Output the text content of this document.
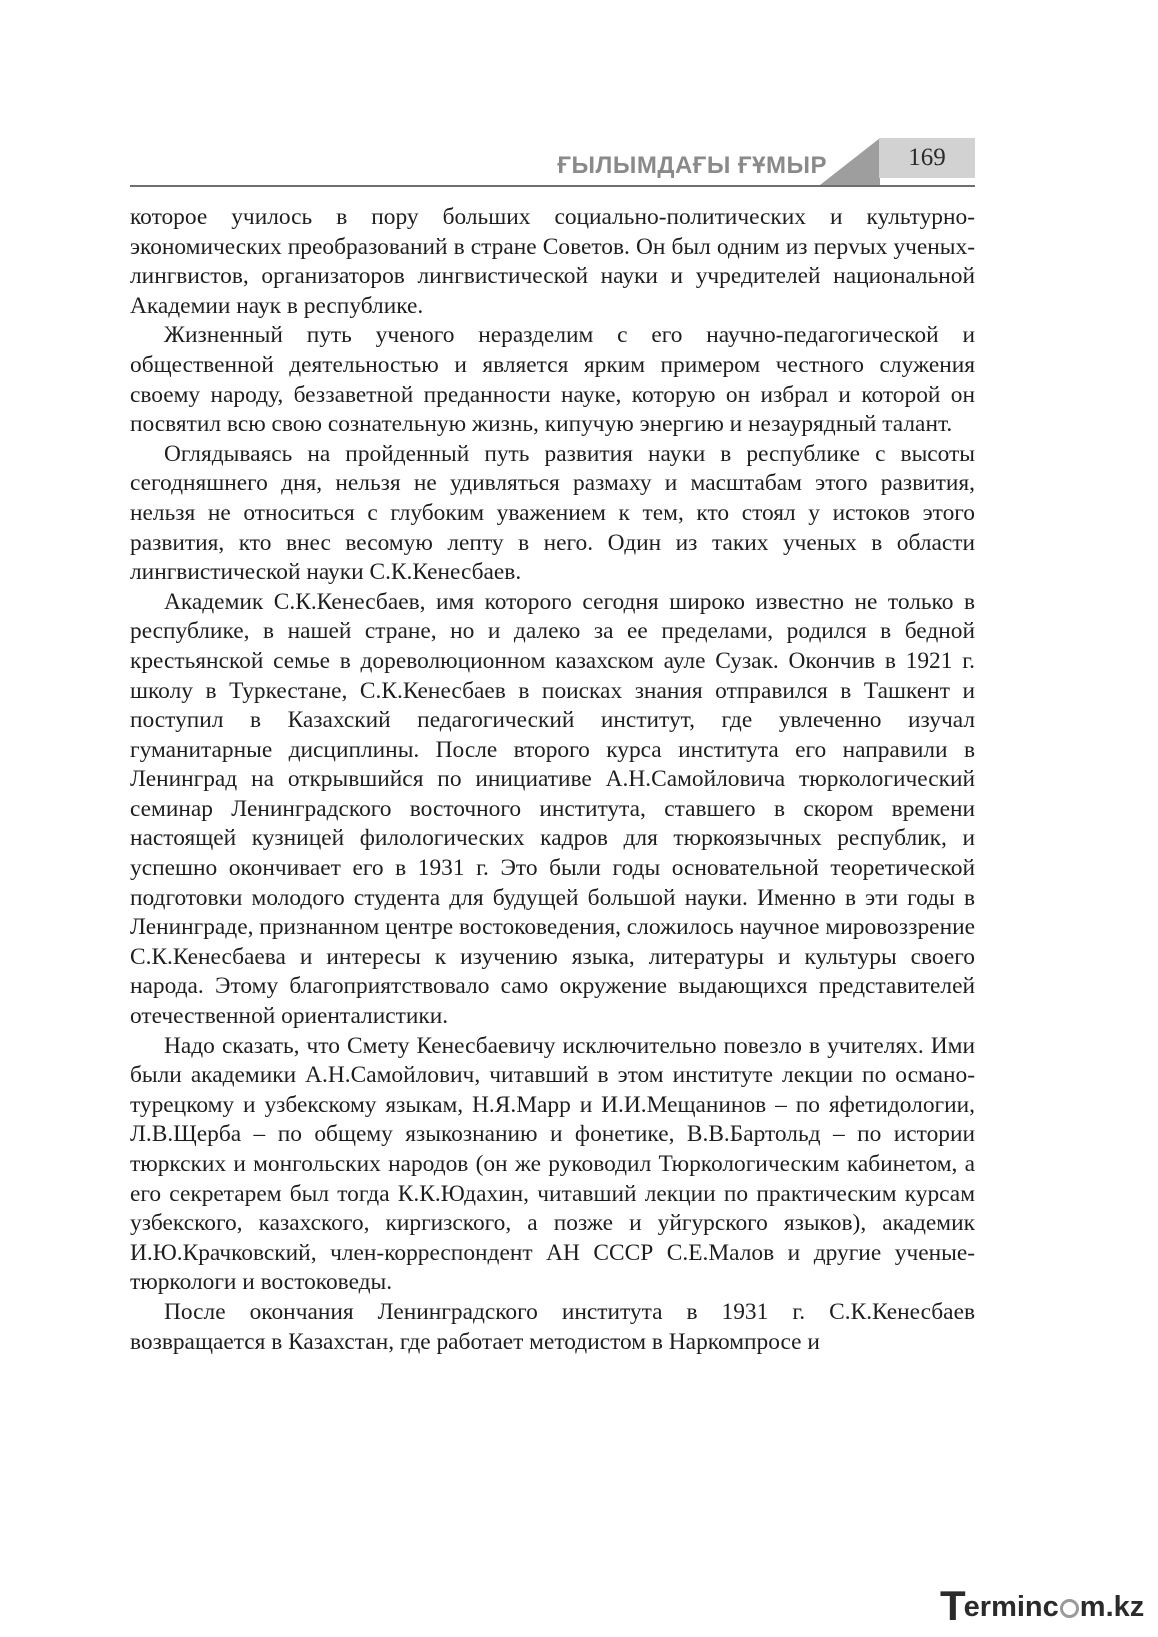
ҒЫЛЫМДАҒЫ ҒҰМЫР	169

которое училось в пору больших социально-политических и культурно-экономических преобразований в стране Советов. Он был одним из перvых ученых-лингвистов, организаторов лингвистической науки и учредителей национальной Академии наук в республике.

Жизненный путь ученого неразделим с его научно-педагогической и общественной деятельностью и является ярким примером честного служения своему народу, беззаветной преданности науке, которую он избрал и которой он посвятил всю свою сознательную жизнь, кипучую энергию и незаурядный талант.

Оглядываясь на пройденный путь развития науки в республике с высоты сегодняшнего дня, нельзя не удивляться размаху и масштабам этого развития, нельзя не относиться с глубоким уважением к тем, кто стоял у истоков этого развития, кто внес весомую лепту в него. Один из таких ученых в области лингвистической науки С.К.Кенесбаев.

Академик С.К.Кенесбаев, имя которого сегодня широко известно не только в республике, в нашей стране, но и далеко за ее пределами, родился в бедной крестьянской семье в дореволюционном казахском ауле Сузак. Окончив в 1921 г. школу в Туркестане, С.К.Кенесбаев в поисках знания отправился в Ташкент и поступил в Казахский педагогический институт, где увлеченно изучал гуманитарные дисциплины. После второго курса института его направили в Ленинград на открывшийся по инициативе А.Н.Самойловича тюркологический семинар Ленинградского восточного института, ставшего в скором времени настоящей кузницей филологических кадров для тюркоязычных республик, и успешно окончивает его в 1931 г. Это были годы основательной теоретической подготовки молодого студента для будущей большой науки. Именно в эти годы в Ленинграде, признанном центре востоковедения, сложилось научное мировоззрение С.К.Кенесбаева и интересы к изучению языка, литературы и культуры своего народа. Этому благоприятствовало само окружение выдающихся представителей отечественной ориенталистики.

Надо сказать, что Смету Кенесбаевичу исключительно повезло в учителях. Ими были академики А.Н.Самойлович, читавший в этом институте лекции по османо-турецкому и узбекскому языкам, Н.Я.Марр и И.И.Мещанинов – по яфетидологии, Л.В.Щерба – по общему языкознанию и фонетике, В.В.Бартольд – по истории тюркских и монгольских народов (он же руководил Тюркологическим кабинетом, а его секретарем был тогда К.К.Юдахин, читавший лекции по практическим курсам узбекского, казахского, киргизского, а позже и уйгурского языков), академик И.Ю.Крачковский, член-корреспондент АН СССР С.Е.Малов и другие ученые-тюркологи и востоковеды.

После окончания Ленинградского института в 1931 г. С.К.Кенесбаев возвращается в Казахстан, где работает методистом в Наркомпросе и

Terminc m.kz
